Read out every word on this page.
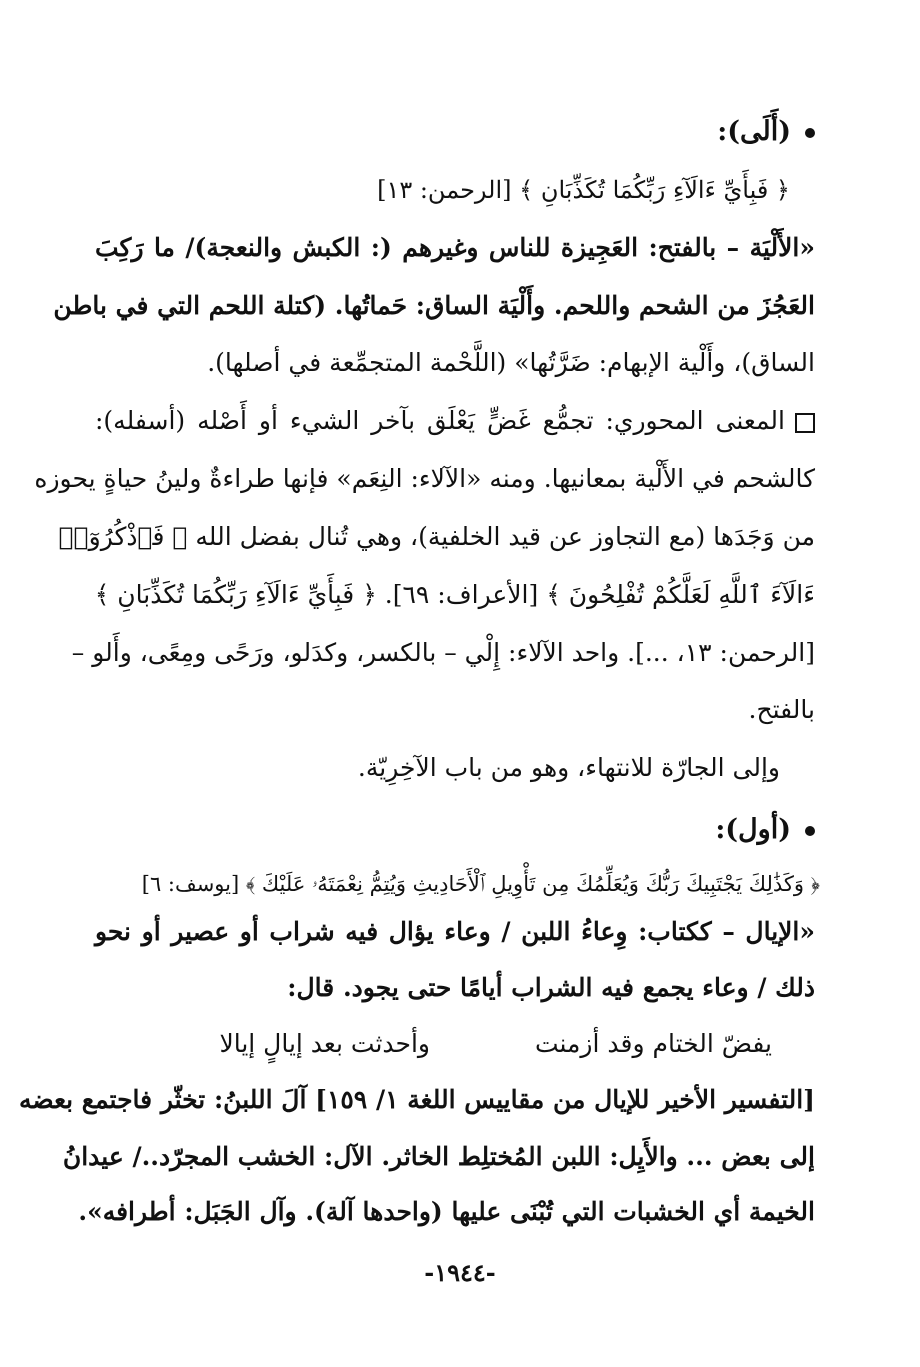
(أَلَى):
﴿ فَبِأَيِّ ءَالَآءِ رَبِّكُمَا تُكَذِّبَانِ ﴾ [الرحمن: ١٣]
«الأَلْيَة – بالفتح: العَجِيزة للناس وغيرهم (: الكبش والنعجة)/ ما رَكِبَ
العَجُزَ من الشحم واللحم. وأَلْيَة الساق: حَماتُها. (كتلة اللحم التي في باطن
الساق)، وأَلْية الإبهام: ضَرَّتُها» (اللَّحْمة المتجمِّعة في أصلها).
المعنى المحوري: تجمُّع غَضٍّ يَعْلَق بآخر الشيء أو أَصْله (أسفله):
كالشحم في الأَلْية بمعانيها. ومنه «الآلاء: النِعَم» فإنها طراءةٌ ولينُ حياةٍ يحوزه
من وَجَدَها (مع التجاوز عن قيد الخلفية)، وهي تُنال بفضل الله ﴿ فَٱذْكُرُوٓا۟
ءَالَآءَ ٱللَّهِ لَعَلَّكُمْ تُفْلِحُونَ ﴾ [الأعراف: ٦٩]. ﴿ فَبِأَيِّ ءَالَآءِ رَبِّكُمَا تُكَذِّبَانِ ﴾
[الرحمن: ١٣، ...]. واحد الآلاء: إِلْي – بالكسر، وكدَلو، ورَحًى ومِعًى، وأَلو –
بالفتح.
وإلى الجارّة للانتهاء، وهو من باب الآخِرِيّة.
(أول):
﴿ وَكَذَٰلِكَ يَجْتَبِيكَ رَبُّكَ وَيُعَلِّمُكَ مِن تَأْوِيلِ ٱلْأَحَادِيثِ وَيُتِمُّ نِعْمَتَهُۥ عَلَيْكَ ﴾ [يوسف: ٦]
«الإيال – ككتاب: وِعاءُ اللبن / وعاء يؤال فيه شراب أو عصير أو نحو
ذلك / وعاء يجمع فيه الشراب أيامًا حتى يجود. قال:
يفضّ الختام وقد أزمنت
وأحدثت بعد إيالٍ إيالا
[التفسير الأخير للإيال من مقاييس اللغة ١/ ١٥٩] آلَ اللبنُ: تخثّر فاجتمع بعضه
إلى بعض ... والأَيِل: اللبن المُختلِط الخاثر. الآل: الخشب المجرّد../ عيدانُ
الخيمة أي الخشبات التي تُبْنَى عليها (واحدها آلة). وآل الجَبَل: أطرافه».
-١٩٤٤-
